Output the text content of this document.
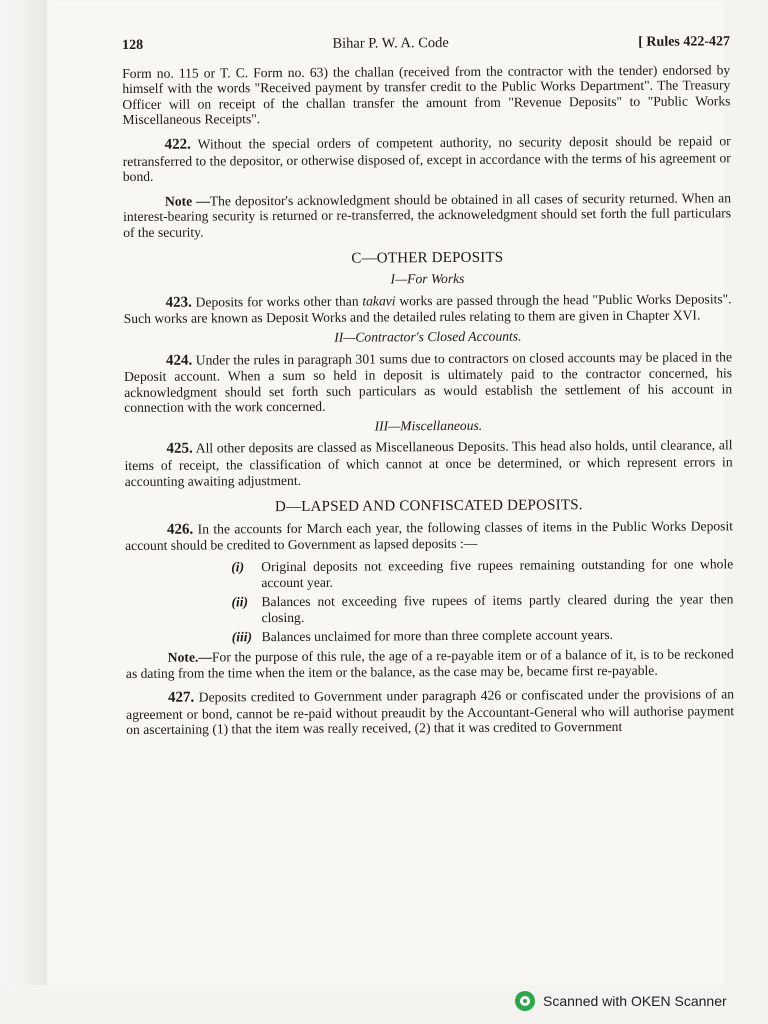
128	Bihar P. W. A. Code	[ Rules 422-427

Form no. 115 or T. C. Form no. 63) the challan (received from the contractor with the tender) endorsed by himself with the words "Received payment by transfer credit to the Public Works Department". The Treasury Officer will on receipt of the challan transfer the amount from "Revenue Deposits" to "Public Works Miscellaneous Receipts".

422. Without the special orders of competent authority, no security deposit should be repaid or retransferred to the depositor, or otherwise disposed of, except in accordance with the terms of his agreement or bond.

Note —The depositor's acknowledgment should be obtained in all cases of security returned. When an interest-bearing security is returned or re-transferred, the acknoweledgment should set forth the full particulars of the security.

C—OTHER DEPOSITS
I—For Works

423. Deposits for works other than takavi works are passed through the head "Public Works Deposits". Such works are known as Deposit Works and the detailed rules relating to them are given in Chapter XVI.

II—Contractor's Closed Accounts.

424. Under the rules in paragraph 301 sums due to contractors on closed accounts may be placed in the Deposit account. When a sum so held in deposit is ultimately paid to the contractor concerned, his acknowledgment should set forth such particulars as would establish the settlement of his account in connection with the work concerned.

III—Miscellaneous.

425. All other deposits are classed as Miscellaneous Deposits. This head also holds, until clearance, all items of receipt, the classification of which cannot at once be determined, or which represent errors in accounting awaiting adjustment.

D—LAPSED AND CONFISCATED DEPOSITS.

426. In the accounts for March each year, the following classes of items in the Public Works Deposit account should be credited to Government as lapsed deposits :—

(i)	Original deposits not exceeding five rupees remaining outstanding for one whole account year.
(ii) Balances not exceeding five rupees of items partly cleared during the year then closing.
(iii) Balances unclaimed for more than three complete account years.

Note.—For the purpose of this rule, the age of a re-payable item or of a balance of it, is to be reckoned as dating from the time when the item or the balance, as the case may be, became first re-payable.

427. Deposits credited to Government under paragraph 426 or confiscated under the provisions of an agreement or bond, cannot be re-paid without preaudit by the Accountant-General who will authorise payment on ascertaining (1) that the item was really received, (2) that it was credited to Government

Scanned with OKEN Scanner
